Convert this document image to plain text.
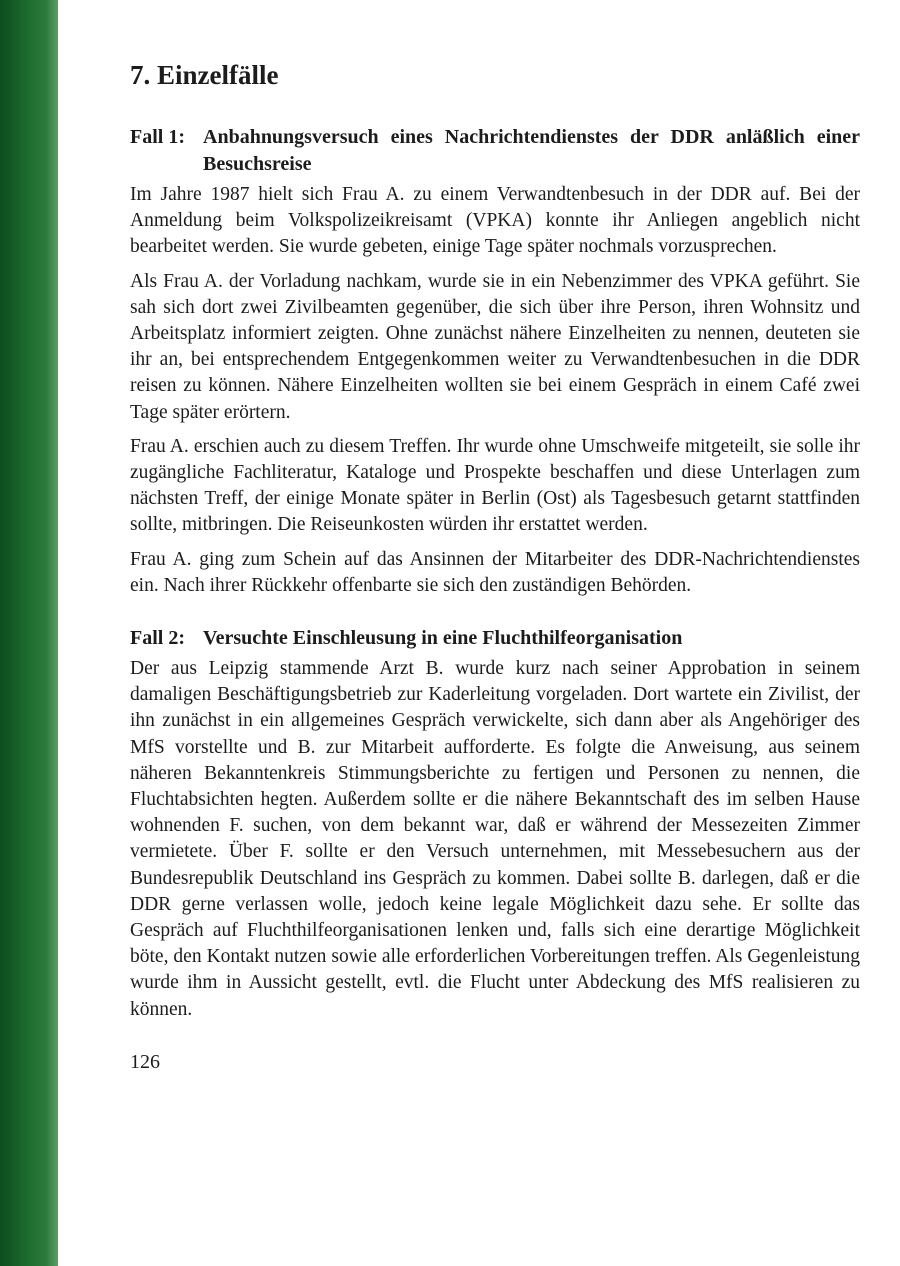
7. Einzelfälle
Fall 1: Anbahnungsversuch eines Nachrichtendienstes der DDR anläßlich einer Besuchsreise

Im Jahre 1987 hielt sich Frau A. zu einem Verwandtenbesuch in der DDR auf. Bei der Anmeldung beim Volkspolizeikreisamt (VPKA) konnte ihr Anliegen angeblich nicht bearbeitet werden. Sie wurde gebeten, einige Tage später nochmals vorzusprechen.

Als Frau A. der Vorladung nachkam, wurde sie in ein Nebenzimmer des VPKA geführt. Sie sah sich dort zwei Zivilbeamten gegenüber, die sich über ihre Person, ihren Wohnsitz und Arbeitsplatz informiert zeigten. Ohne zunächst nähere Einzelheiten zu nennen, deuteten sie ihr an, bei entsprechendem Entgegenkommen weiter zu Verwandtenbesuchen in die DDR reisen zu können. Nähere Einzelheiten wollten sie bei einem Gespräch in einem Café zwei Tage später erörtern.

Frau A. erschien auch zu diesem Treffen. Ihr wurde ohne Umschweife mitgeteilt, sie solle ihr zugängliche Fachliteratur, Kataloge und Prospekte beschaffen und diese Unterlagen zum nächsten Treff, der einige Monate später in Berlin (Ost) als Tagesbesuch getarnt stattfinden sollte, mitbringen. Die Reiseunkosten würden ihr erstattet werden.

Frau A. ging zum Schein auf das Ansinnen der Mitarbeiter des DDR-Nachrichtendienstes ein. Nach ihrer Rückkehr offenbarte sie sich den zuständigen Behörden.

Fall 2: Versuchte Einschleusung in eine Fluchthilfeorganisation

Der aus Leipzig stammende Arzt B. wurde kurz nach seiner Approbation in seinem damaligen Beschäftigungsbetrieb zur Kaderleitung vorgeladen. Dort wartete ein Zivilist, der ihn zunächst in ein allgemeines Gespräch verwickelte, sich dann aber als Angehöriger des MfS vorstellte und B. zur Mitarbeit aufforderte. Es folgte die Anweisung, aus seinem näheren Bekanntenkreis Stimmungsberichte zu fertigen und Personen zu nennen, die Fluchtabsichten hegten. Außerdem sollte er die nähere Bekanntschaft des im selben Hause wohnenden F. suchen, von dem bekannt war, daß er während der Messezeiten Zimmer vermietete. Über F. sollte er den Versuch unternehmen, mit Messebesuchern aus der Bundesrepublik Deutschland ins Gespräch zu kommen. Dabei sollte B. darlegen, daß er die DDR gerne verlassen wolle, jedoch keine legale Möglichkeit dazu sehe. Er sollte das Gespräch auf Fluchthilfeorganisationen lenken und, falls sich eine derartige Möglichkeit böte, den Kontakt nutzen sowie alle erforderlichen Vorbereitungen treffen. Als Gegenleistung wurde ihm in Aussicht gestellt, evtl. die Flucht unter Abdeckung des MfS realisieren zu können.

126
